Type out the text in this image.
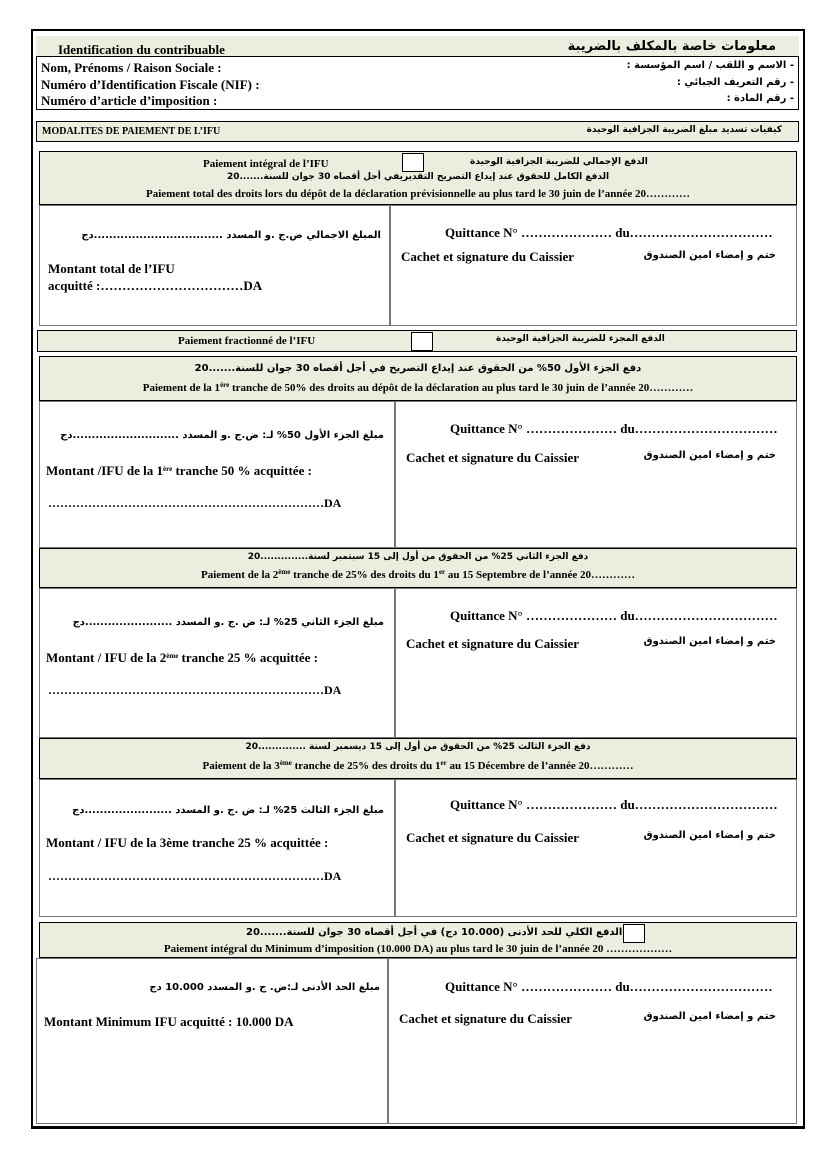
Identification du contribuable	معلومات خاصة بالمكلف بالضريبة
Nom, Prénoms / Raison Sociale :	- الاسم و اللقب / اسم المؤسسة :
Numéro d’Identification Fiscale (NIF) :	- رقم التعريف الجبائي :
Numéro d’article d’imposition :	- رقم المادة :
MODALITES DE PAIEMENT DE L’IFU	كيفيات تسديد مبلغ الضريبة الجزافية الوحيدة
Paiement intégral de l’IFU	الدفع الإجمالي للضريبة الجزافية الوحيدة
الدفع الكامل للحقوق عند إيداع التصريح التقديريفي أجل أقصاه 30 جوان للسنة.......20
Paiement total des droits lors du dépôt de la déclaration prévisionnelle au plus tard le 30 juin de l’année 20…………
المبلغ الاجمالي ض.ج .و المسدد ..................................دج
Montant total de l’IFU
acquitté :……………………………DA
Quittance N° ………………… du……………………………
Cachet et signature du Caissier	ختم و إمضاء امين الصندوق
Paiement fractionné de l’IFU	الدفع المجزء للضريبة الجزافية الوحيدة
دفع الجزء الأول 50% من الحقوق عند إيداع التصريح في أجل أقصاه 30 جوان للسنة.......20
Paiement de la 1ère tranche de 50% des droits au dépôt de la déclaration au plus tard le 30 juin de l’année 20…………
مبلغ الجزء الأول 50% لـ: ض.ج .و المسدد ............................دج
Montant /IFU de la 1ère tranche 50 % acquittée :
……………………………………………………………DA
Quittance N° ………………… du……………………………
Cachet et signature du Caissier	ختم و إمضاء امين الصندوق
دفع الجزء الثاني 25% من الحقوق من أول إلى 15 سبتمبر لسنة..............20
Paiement de la 2ème tranche de 25% des droits du 1er au 15 Septembre de l’année 20…………
مبلغ الجزء الثاني 25% لـ: ض .ج .و المسدد .......................دج
Montant / IFU de la 2ème tranche 25 % acquittée :
……………………………………………………………DA
Quittance N° ………………… du……………………………
Cachet et signature du Caissier	ختم و إمضاء امين الصندوق
دفع الجزء الثالث 25% من الحقوق من أول إلى 15 ديسمبر لسنة ..............20
Paiement de la 3ème tranche de 25% des droits du 1er au 15 Décembre de l’année 20…………
مبلغ الجزء الثالث 25% لـ: ض .ج .و المسدد .......................دج
Montant / IFU de la 3ème tranche 25 % acquittée :
……………………………………………………………DA
Quittance N° ………………… du……………………………
Cachet et signature du Caissier	ختم و إمضاء امين الصندوق
الدفع الكلي للحد الأدنى (10.000 دج) في أجل أقصاه 30 جوان للسنة.......20
Paiement intégral du Minimum d’imposition (10.000 DA) au plus tard le 30 juin de l’année 20 ………………
مبلغ الحد الأدنى لـ:ض. ج .و المسدد 10.000 دج
Montant Minimum IFU acquitté : 10.000 DA
Quittance N° ………………… du……………………………
Cachet et signature du Caissier	ختم و إمضاء امين الصندوق
